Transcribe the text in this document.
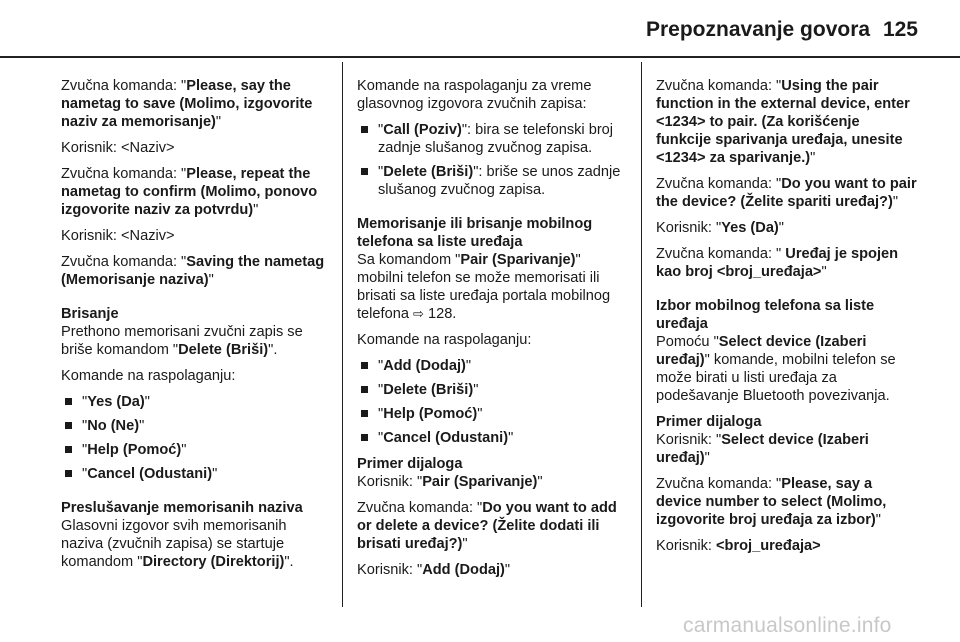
Prepoznavanje govora 125

Zvučna komanda: "Please, say the nametag to save (Molimo, izgovorite naziv za memorisanje)"

Korisnik: <Naziv>

Zvučna komanda: "Please, repeat the nametag to confirm (Molimo, ponovo izgovorite naziv za potvrdu)"

Korisnik: <Naziv>

Zvučna komanda: "Saving the nametag (Memorisanje naziva)"

Brisanje

Prethono memorisani zvučni zapis se briše komandom "Delete (Briši)".

Komande na raspolaganju:

"Yes (Da)"
"No (Ne)"
"Help (Pomoć)"
"Cancel (Odustani)"
Preslušavanje memorisanih naziva

Glasovni izgovor svih memorisanih naziva (zvučnih zapisa) se startuje komandom "Directory (Direktorij)".

Komande na raspolaganju za vreme glasovnog izgovora zvučnih zapisa:

"Call (Poziv)": bira se telefonski broj zadnje slušanog zvučnog zapisa.
"Delete (Briši)": briše se unos zadnje slušanog zvučnog zapisa.
Memorisanje ili brisanje mobilnog telefona sa liste uređaja

Sa komandom "Pair (Sparivanje)" mobilni telefon se može memorisati ili brisati sa liste uređaja portala mobilnog telefona ⇨ 128.

Komande na raspolaganju:

"Add (Dodaj)"
"Delete (Briši)"
"Help (Pomoć)"
"Cancel (Odustani)"
Primer dijaloga

Korisnik: "Pair (Sparivanje)"

Zvučna komanda: "Do you want to add or delete a device? (Želite dodati ili brisati uređaj?)"

Korisnik: "Add (Dodaj)"

Zvučna komanda: "Using the pair function in the external device, enter <1234> to pair. (Za korišćenje funkcije sparivanja uređaja, unesite <1234> za sparivanje.)"

Zvučna komanda: "Do you want to pair the device? (Želite spariti uređaj?)"

Korisnik: "Yes (Da)"

Zvučna komanda: " Uređaj je spojen kao broj <broj_uređaja>"

Izbor mobilnog telefona sa liste uređaja

Pomoću "Select device (Izaberi uređaj)" komande, mobilni telefon se može birati u listi uređaja za podešavanje Bluetooth povezivanja.

Primer dijaloga

Korisnik: "Select device (Izaberi uređaj)"

Zvučna komanda: "Please, say a device number to select (Molimo, izgovorite broj uređaja za izbor)"

Korisnik: <broj_uređaja>

carmanualsonline.info
